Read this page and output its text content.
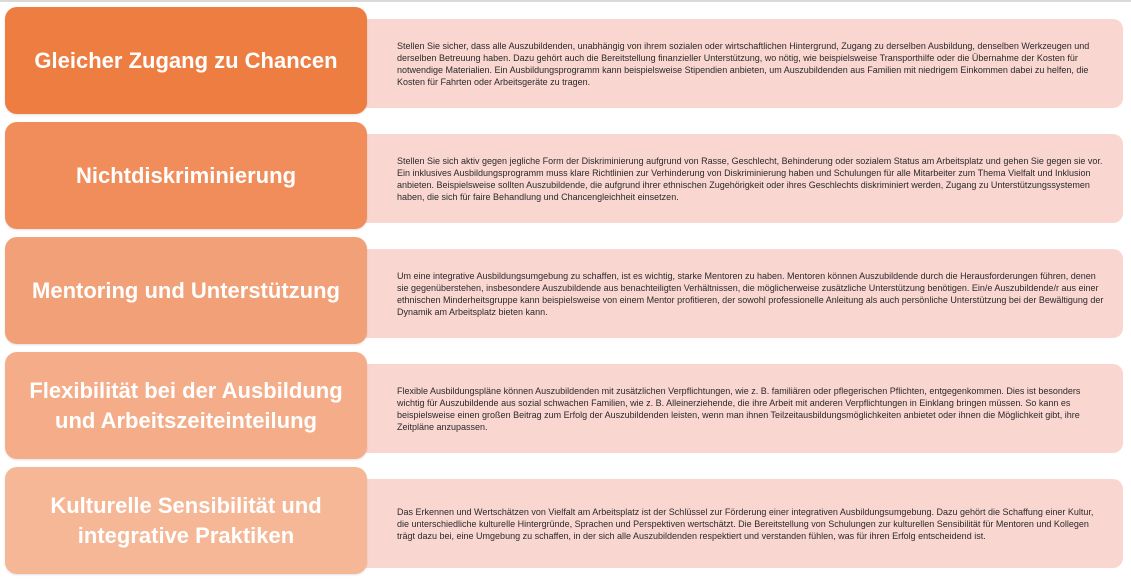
Stellen Sie sicher, dass alle Auszubildenden, unabhängig von ihrem sozialen oder wirtschaftlichen Hintergrund, Zugang zu derselben Ausbildung, denselben Werkzeugen und derselben Betreuung haben. Dazu gehört auch die Bereitstellung finanzieller Unterstützung, wo nötig, wie beispielsweise Transporthilfe oder die Übernahme der Kosten für notwendige Materialien. Ein Ausbildungsprogramm kann beispielsweise Stipendien anbieten, um Auszubildenden aus Familien mit niedrigem Einkommen dabei zu helfen, die Kosten für Fahrten oder Arbeitsgeräte zu tragen.

Gleicher Zugang zu Chancen

Stellen Sie sich aktiv gegen jegliche Form der Diskriminierung aufgrund von Rasse, Geschlecht, Behinderung oder sozialem Status am Arbeitsplatz und gehen Sie gegen sie vor. Ein inklusives Ausbildungsprogramm muss klare Richtlinien zur Verhinderung von Diskriminierung haben und Schulungen für alle Mitarbeiter zum Thema Vielfalt und Inklusion anbieten. Beispielsweise sollten Auszubildende, die aufgrund ihrer ethnischen Zugehörigkeit oder ihres Geschlechts diskriminiert werden, Zugang zu Unterstützungssystemen haben, die sich für faire Behandlung und Chancengleichheit einsetzen.

Nichtdiskriminierung

Um eine integrative Ausbildungsumgebung zu schaffen, ist es wichtig, starke Mentoren zu haben. Mentoren können Auszubildende durch die Herausforderungen führen, denen sie gegenüberstehen, insbesondere Auszubildende aus benachteiligten Verhältnissen, die möglicherweise zusätzliche Unterstützung benötigen. Ein/e Auszubildende/r aus einer ethnischen Minderheitsgruppe kann beispielsweise von einem Mentor profitieren, der sowohl professionelle Anleitung als auch persönliche Unterstützung bei der Bewältigung der Dynamik am Arbeitsplatz bieten kann.

Mentoring und Unterstützung

Flexible Ausbildungspläne können Auszubildenden mit zusätzlichen Verpflichtungen, wie z. B. familiären oder pflegerischen Pflichten, entgegenkommen. Dies ist besonders wichtig für Auszubildende aus sozial schwachen Familien, wie z. B. Alleinerziehende, die ihre Arbeit mit anderen Verpflichtungen in Einklang bringen müssen. So kann es beispielsweise einen großen Beitrag zum Erfolg der Auszubildenden leisten, wenn man ihnen Teilzeitausbildungsmöglichkeiten anbietet oder ihnen die Möglichkeit gibt, ihre Zeitpläne anzupassen.

Flexibilität bei der Ausbildung und Arbeitszeiteinteilung

Das Erkennen und Wertschätzen von Vielfalt am Arbeitsplatz ist der Schlüssel zur Förderung einer integrativen Ausbildungsumgebung. Dazu gehört die Schaffung einer Kultur, die unterschiedliche kulturelle Hintergründe, Sprachen und Perspektiven wertschätzt. Die Bereitstellung von Schulungen zur kulturellen Sensibilität für Mentoren und Kollegen trägt dazu bei, eine Umgebung zu schaffen, in der sich alle Auszubildenden respektiert und verstanden fühlen, was für ihren Erfolg entscheidend ist.

Kulturelle Sensibilität und integrative Praktiken
